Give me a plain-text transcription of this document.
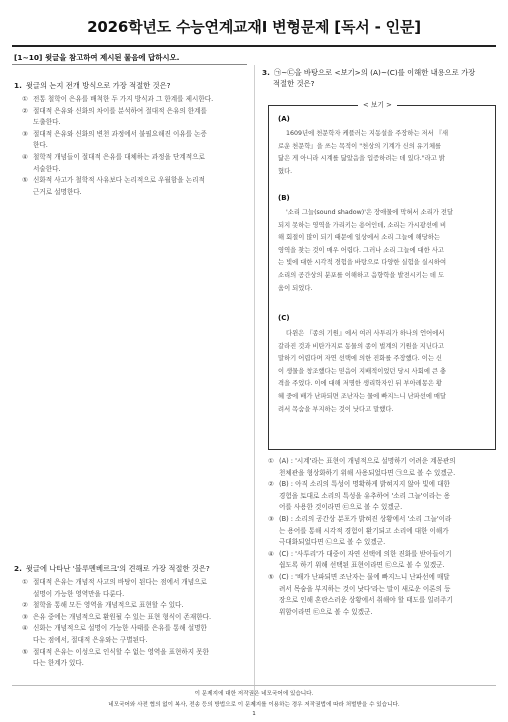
2026학년도 수능연계교재Ⅰ 변형문제 [독서 - 인문]
[1~10] 윗글을 참고하여 제시된 물음에 답하시오.
1. 윗글의 논지 전개 방식으로 가장 적절한 것은?
① 전통 철학이 은유를 배척한 두 가지 방식과 그 한계를 제시한다.
② 절대적 은유와 신화의 차이를 분석하여 절대적 은유의 한계를
도출한다.
③ 절대적 은유와 신화의 변천 과정에서 불필요해진 이유를 논증
한다.
④ 철학적 개념들이 절대적 은유를 대체하는 과정을 단계적으로
서술한다.
⑤ 신화적 사고가 철학적 사유보다 논리적으로 우월함을 논리적
근거로 설명한다.
2. 윗글에 나타난 '블루멘베르크'의 견해로 가장 적절한 것은?
① 절대적 은유는 개념적 사고의 바탕이 된다는 점에서 개념으로
설명이 가능한 영역만을 다룬다.
② 철학을 통해 모든 영역을 개념적으로 표현할 수 있다.
③ 은유 중에는 개념적으로 환원될 수 있는 표현 형식이 존재한다.
④ 신화는 개념적으로 설명이 가능한 사태를 은유를 통해 설명한
다는 점에서, 절대적 은유와는 구별된다.
⑤ 절대적 은유는 이성으로 인식할 수 없는 영역을 표현하지 못한
다는 한계가 있다.
3. ㉠~㉢을 바탕으로 <보기>의 (A)~(C)를 이해한 내용으로 가장
적절한 것은?
< 보기 >
(A)
1609년에 천문학자 케플러는 지동설을 주장하는 저서 『새
로운 천문학』을 쓰는 목적이 "천상의 기계가 신의 유기체를
닮은 게 아니라 시계를 닮았음을 입증하려는 데 있다."라고 밝
혔다.
(B)
'소리 그늘(sound shadow)'은 장애물에 막혀서 소리가 전달
되지 못하는 영역을 가리키는 용어인데, 소리는 가시광선에 비
해 회절이 많이 되기 때문에 일상에서 소리 그늘에 해당하는
영역을 찾는 것이 매우 어렵다. 그러나 소리 그늘에 대한 사고
는 빛에 대한 시각적 경험을 바탕으로 다양한 실험을 실시하여
소리의 공간상의 분포를 이해하고 음향학을 발전시키는 데 도
움이 되었다.
(C)
다윈은 『종의 기원』에서 여러 사투리가 하나의 언어에서
갈라진 것과 비탄가지로 동물의 종이 벌계의 기원을 지닌다고
말하기 어렵다며 자연 선택에 의한 진화를 주장했다. 이는 신
이 생물을 창조했다는 믿음이 지배적이었던 당시 사회에 큰 충
격을 주었다. 이에 대해 저명한 생리학자인 뒤 부아레몽은 황
혜 중에 배가 난파되면 조난자는 물에 빠지느니 난파선에 매달
려서 목숨을 부지하는 것이 낫다고 말했다.
① (A) : '시계'라는 표현이 개념적으로 설명하기 어려운 계몽관의
천체관을 형상화하기 위해 사용되었다면 ㉠으로 볼 수 있겠군.
② (B) : 아직 소리의 특성이 명확하게 밝혀지지 않아 빛에 대한
경험을 토대로 소리의 특성을 유추하여 '소리 그늘'이라는 용
어를 사용한 것이라면 ㉢으로 볼 수 있겠군.
③ (B) : 소리의 공간상 분포가 밝혀진 상황에서 '소리 그늘'이라
는 용어를 통해 시각적 경험이 환기되고 소리에 대한 이해가
극대화되었다면 ㉡으로 볼 수 있겠군.
④ (C) : '사투리'가 대중이 자연 선택에 의한 진화를 받아들이기
쉽도록 하기 위해 선택된 표현이라면 ㉢으로 볼 수 있겠군.
⑤ (C) : '배가 난파되면 조난자는 물에 빠지느니 난파선에 매달
려서 목숨을 부지하는 것이 낫다'라는 말이 새로운 이론의 등
장으로 인해 혼란스러운 상황에서 취해야 할 태도를 일러주기
위함이라면 ㉢으로 볼 수 있겠군.
이 문제지에 대한 저작권은 네모국어에 있습니다.
네모국어와 사전 협의 없이 복사, 전송 등의 방법으로 이 문제지를 이용하는 경우 저작권법에 따라 처벌받을 수 있습니다.
1
